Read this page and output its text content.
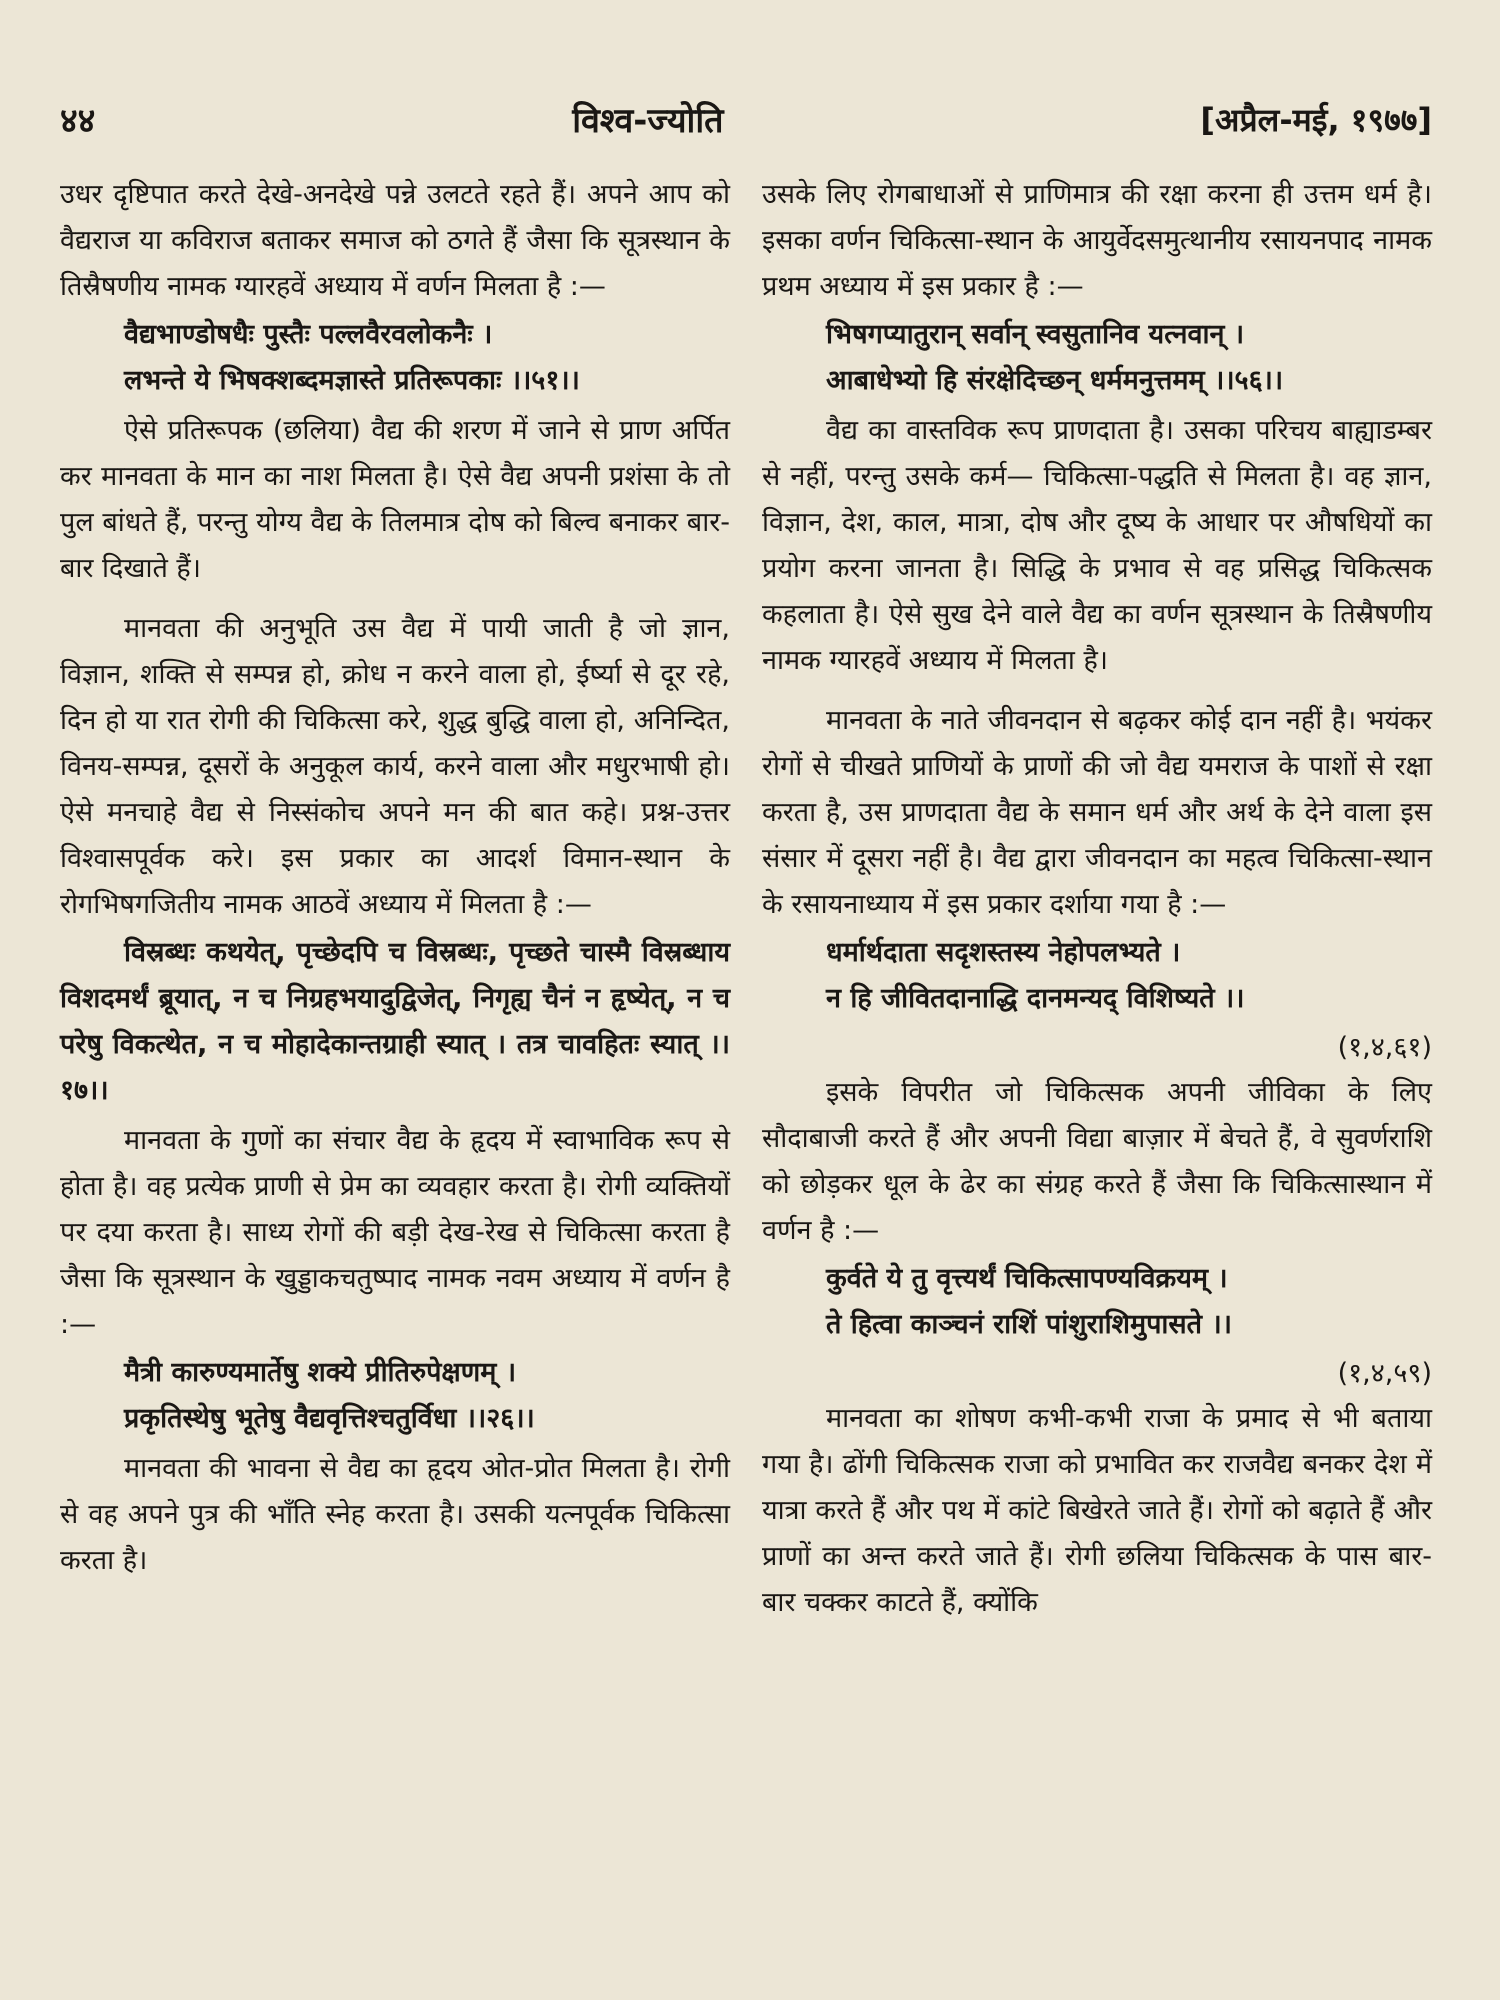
४४	विश्व-ज्योति	[अप्रैल-मई, १९७७]

उधर दृष्टिपात करते देखे-अनदेखे पन्ने उलटते रहते हैं। अपने आप को वैद्यराज या कविराज बताकर समाज को ठगते हैं जैसा कि सूत्रस्थान के तिस्रैषणीय नामक ग्यारहवें अध्याय में वर्णन मिलता है :—

वैद्यभाण्डोषधैः पुस्तैः पल्लवैरवलोकनैः ।
लभन्ते ये भिषक्शब्दमज्ञास्ते प्रतिरूपकाः ।।५१।।

ऐसे प्रतिरूपक (छलिया) वैद्य की शरण में जाने से प्राण अर्पित कर मानवता के मान का नाश मिलता है। ऐसे वैद्य अपनी प्रशंसा के तो पुल बांधते हैं, परन्तु योग्य वैद्य के तिलमात्र दोष को बिल्व बनाकर बार-बार दिखाते हैं।

मानवता की अनुभूति उस वैद्य में पायी जाती है जो ज्ञान, विज्ञान, शक्ति से सम्पन्न हो, क्रोध न करने वाला हो, ईर्ष्या से दूर रहे, दिन हो या रात रोगी की चिकित्सा करे, शुद्ध बुद्धि वाला हो, अनिन्दित, विनय-सम्पन्न, दूसरों के अनुकूल कार्य, करने वाला और मधुरभाषी हो। ऐसे मनचाहे वैद्य से निस्संकोच अपने मन की बात कहे। प्रश्न-उत्तर विश्वासपूर्वक करे। इस प्रकार का आदर्श विमान-स्थान के रोगभिषगजितीय नामक आठवें अध्याय में मिलता है :—

विस्रब्धः कथयेत्, पृच्छेदपि च विस्रब्धः, पृच्छते चास्मै विस्रब्धाय विशदमर्थं ब्रूयात्, न च निग्रहभयादुद्विजेत्, निगृह्य चैनं न हृष्येत्, न च परेषु विकत्थेत, न च मोहादेकान्तग्राही स्यात् । तत्र चावहितः स्यात् ।।१७।।

मानवता के गुणों का संचार वैद्य के हृदय में स्वाभाविक रूप से होता है। वह प्रत्येक प्राणी से प्रेम का व्यवहार करता है। रोगी व्यक्तियों पर दया करता है। साध्य रोगों की बड़ी देख-रेख से चिकित्सा करता है जैसा कि सूत्रस्थान के खुड्डाकचतुष्पाद नामक नवम अध्याय में वर्णन है :—

मैत्री कारुण्यमार्तेषु शक्ये प्रीतिरुपेक्षणम् ।
प्रकृतिस्थेषु भूतेषु वैद्यवृत्तिश्चतुर्विधा ।।२६।।

मानवता की भावना से वैद्य का हृदय ओत-प्रोत मिलता है। रोगी से वह अपने पुत्र की भाँति स्नेह करता है। उसकी यत्नपूर्वक चिकित्सा करता है।

उसके लिए रोगबाधाओं से प्राणिमात्र की रक्षा करना ही उत्तम धर्म है। इसका वर्णन चिकित्सा-स्थान के आयुर्वेदसमुत्थानीय रसायनपाद नामक प्रथम अध्याय में इस प्रकार है :—

भिषगप्यातुरान् सर्वान् स्वसुतानिव यत्नवान् ।
आबाधेभ्यो हि संरक्षेदिच्छन् धर्ममनुत्तमम् ।।५६।।

वैद्य का वास्तविक रूप प्राणदाता है। उसका परिचय बाह्याडम्बर से नहीं, परन्तु उसके कर्म— चिकित्सा-पद्धति से मिलता है। वह ज्ञान, विज्ञान, देश, काल, मात्रा, दोष और दूष्य के आधार पर औषधियों का प्रयोग करना जानता है। सिद्धि के प्रभाव से वह प्रसिद्ध चिकित्सक कहलाता है। ऐसे सुख देने वाले वैद्य का वर्णन सूत्रस्थान के तिस्रैषणीय नामक ग्यारहवें अध्याय में मिलता है।

मानवता के नाते जीवनदान से बढ़कर कोई दान नहीं है। भयंकर रोगों से चीखते प्राणियों के प्राणों की जो वैद्य यमराज के पाशों से रक्षा करता है, उस प्राणदाता वैद्य के समान धर्म और अर्थ के देने वाला इस संसार में दूसरा नहीं है। वैद्य द्वारा जीवनदान का महत्व चिकित्सा-स्थान के रसायनाध्याय में इस प्रकार दर्शाया गया है :—

धर्मार्थदाता सदृशस्तस्य नेहोपलभ्यते ।
न हि जीवितदानाद्धि दानमन्यद् विशिष्यते ।।
(१,४,६१)

इसके विपरीत जो चिकित्सक अपनी जीविका के लिए सौदाबाजी करते हैं और अपनी विद्या बाज़ार में बेचते हैं, वे सुवर्णराशि को छोड़कर धूल के ढेर का संग्रह करते हैं जैसा कि चिकित्सास्थान में वर्णन है :—

कुर्वते ये तु वृत्त्यर्थं चिकित्सापण्यविक्रयम् ।
ते हित्वा काञ्चनं राशिं पांशुराशिमुपासते ।।
(१,४,५९)

मानवता का शोषण कभी-कभी राजा के प्रमाद से भी बताया गया है। ढोंगी चिकित्सक राजा को प्रभावित कर राजवैद्य बनकर देश में यात्रा करते हैं और पथ में कांटे बिखेरते जाते हैं। रोगों को बढ़ाते हैं और प्राणों का अन्त करते जाते हैं। रोगी छलिया चिकित्सक के पास बार-बार चक्कर काटते हैं, क्योंकि
